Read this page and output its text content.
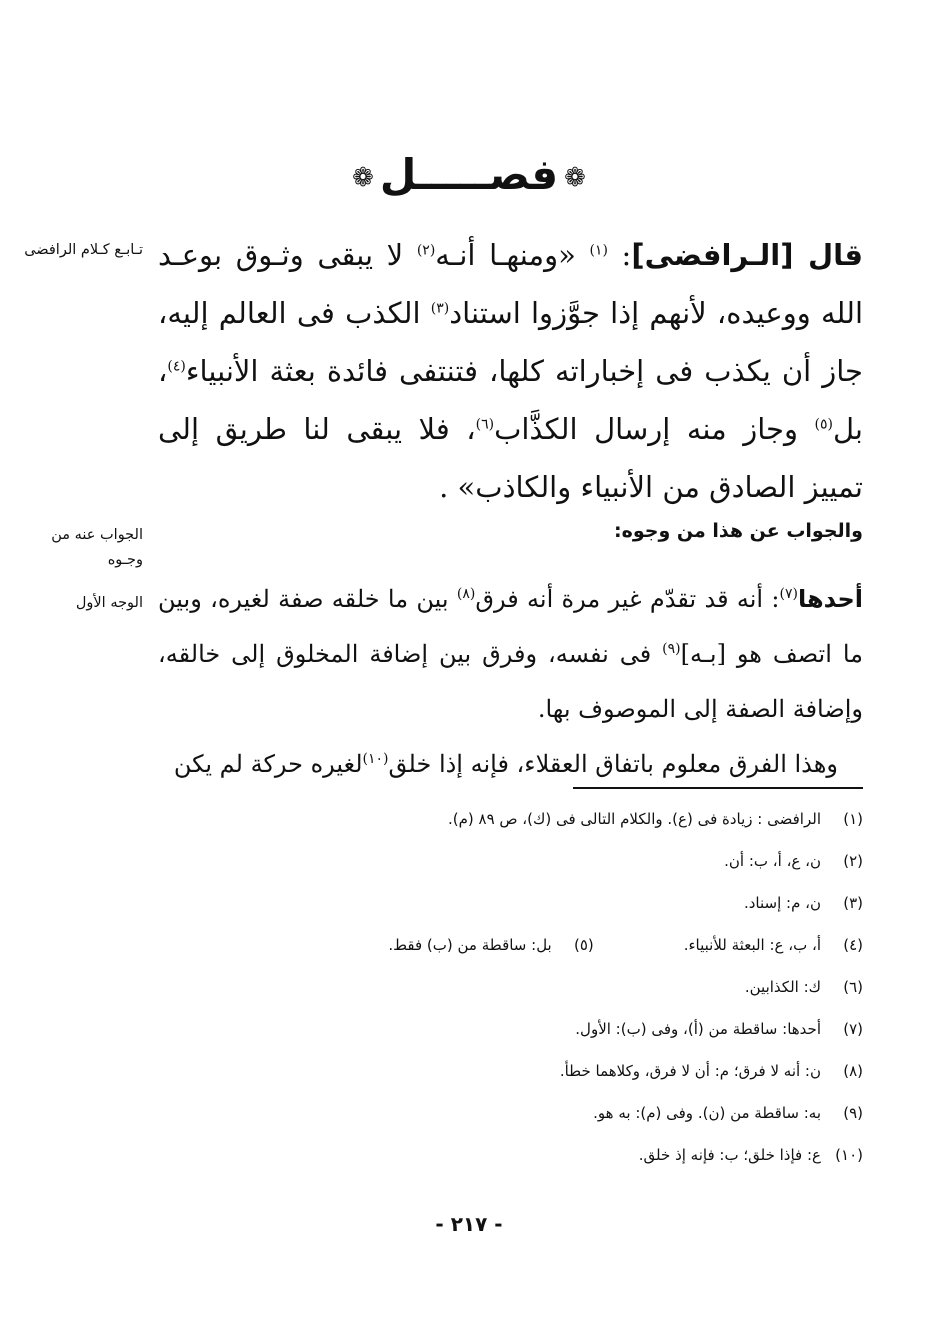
❁فصـــــل❁
تـابـع كـلام الرافضى
الجواب عنه من وجـوه
الوجه الأول

قال [الـرافضى]: $^{(١)}$ «ومنهـا أنـه$^{(٢)}$ لا يبقى وثـوق بوعـد الله ووعيده، لأنهم إذا جوَّزوا استناد$^{(٣)}$ الكذب فى العالم إليه، جاز أن يكذب فى إخباراته كلها، فتنتفى فائدة بعثة الأنبياء$^{(٤)}$، بل$^{(٥)}$ وجاز منه إرسال الكذَّاب$^{(٦)}$، فلا يبقى لنا طريق إلى تمييز الصادق من الأنبياء والكاذب» .

والجواب عن هذا من وجوه:

أحدها$^{(٧)}$: أنه قد تقدّم غير مرة أنه فرق$^{(٨)}$ بين ما خلقه صفة لغيره، وبين ما اتصف هو [بـه]$^{(٩)}$ فى نفسه، وفرق بين إضافة المخلوق إلى خالقه، وإضافة الصفة إلى الموصوف بها.

وهذا الفرق معلوم باتفاق العقلاء، فإنه إذا خلق$^{(١٠)}$لغيره حركة لم يكن

(١)الرافضى : زيادة فى (ع). والكلام التالى فى (ك)، ص ٨٩ (م).
(٢)ن، ع، أ، ب: أن.
(٣)ن، م: إسناد.
(٤)أ، ب، ع: البعثة للأنبياء.(٥)بل: ساقطة من (ب) فقط.
(٦)ك: الكذابين.
(٧)أحدها: ساقطة من (أ)، وفى (ب): الأول.
(٨)ن: أنه لا فرق؛ م: أن لا فرق، وكلاهما خطأ.
(٩)به: ساقطة من (ن). وفى (م): به هو.
(١٠)ع: فإذا خلق؛ ب: فإنه إذ خلق.
- ٢١٧ -
